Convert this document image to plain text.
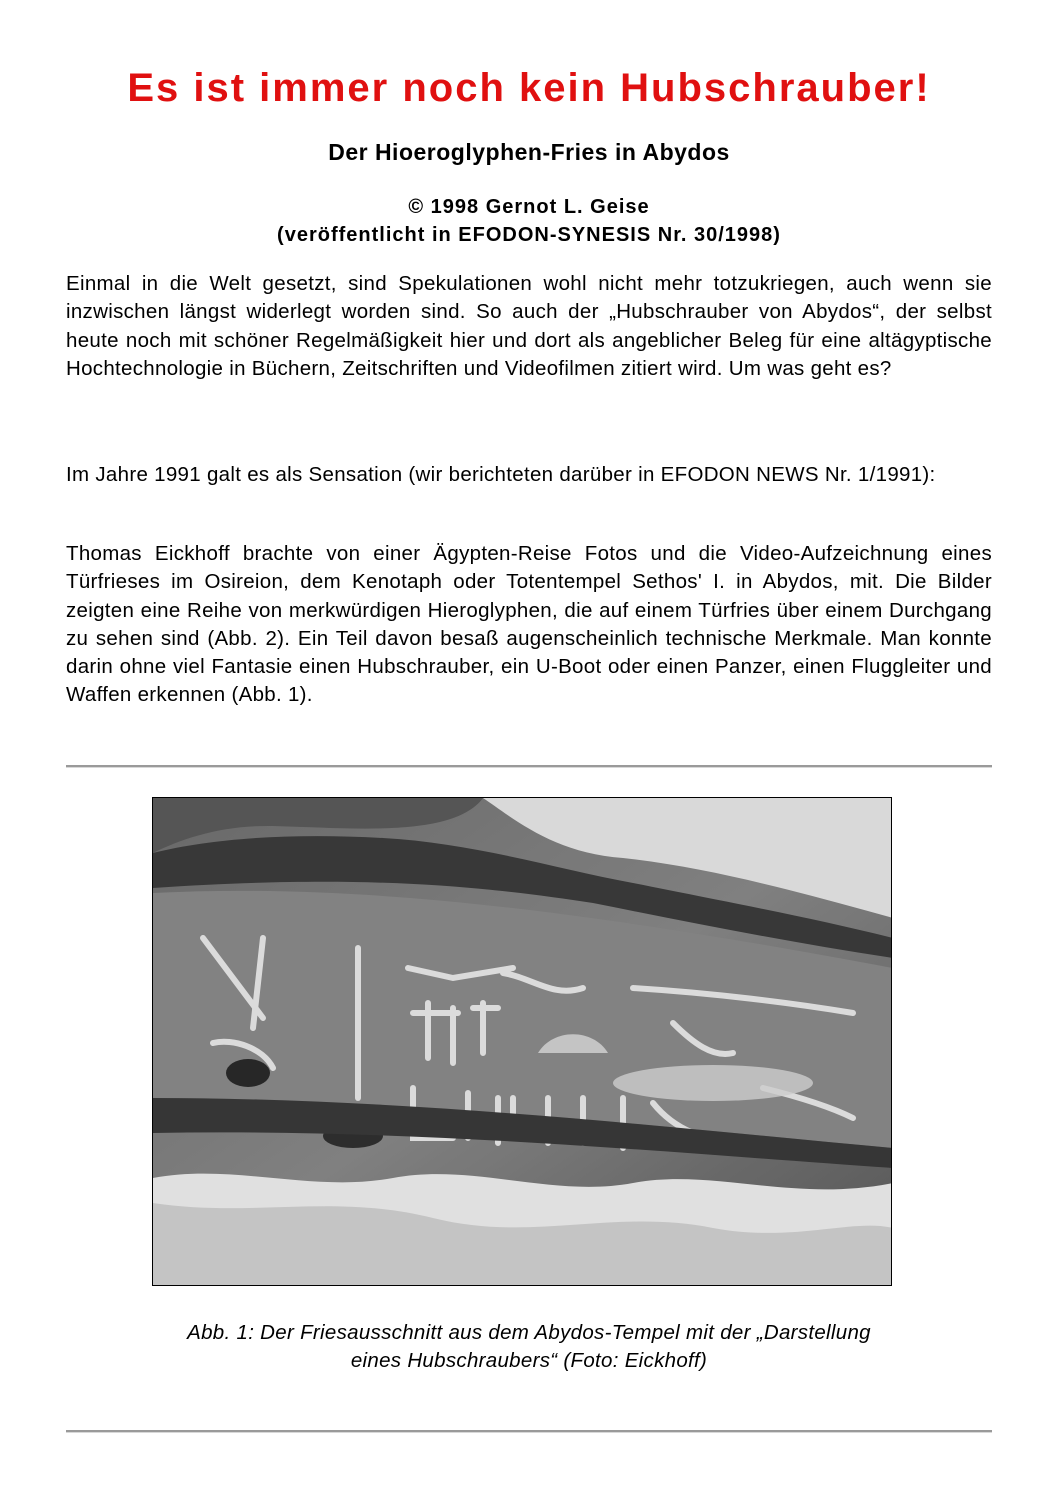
Es ist immer noch kein Hubschrauber!
Der Hioeroglyphen-Fries in Abydos
© 1998 Gernot L. Geise
(veröffentlicht in EFODON-SYNESIS Nr. 30/1998)

Einmal in die Welt gesetzt, sind Spekulationen wohl nicht mehr totzukriegen, auch wenn sie inzwischen längst widerlegt worden sind. So auch der „Hubschrauber von Abydos“, der selbst heute noch mit schöner Regelmäßigkeit hier und dort als angeblicher Beleg für eine altägyptische Hochtechnologie in Büchern, Zeitschriften und Videofilmen zitiert wird. Um was geht es?

Im Jahre 1991 galt es als Sensation (wir berichteten darüber in EFODON NEWS Nr. 1/1991):

Thomas Eickhoff brachte von einer Ägypten-Reise Fotos und die Video-Aufzeichnung eines Türfrieses im Osireion, dem Kenotaph oder Totentempel Sethos' I. in Abydos, mit. Die Bilder zeigten eine Reihe von merkwürdigen Hieroglyphen, die auf einem Türfries über einem Durchgang zu sehen sind (Abb. 2). Ein Teil davon besaß augenscheinlich technische Merkmale. Man konnte darin ohne viel Fantasie einen Hubschrauber, ein U-Boot oder einen Panzer, einen Fluggleiter und Waffen erkennen (Abb. 1).

Abb. 1: Der Friesausschnitt aus dem Abydos-Tempel mit der „Darstellung
eines Hubschraubers“ (Foto: Eickhoff)
